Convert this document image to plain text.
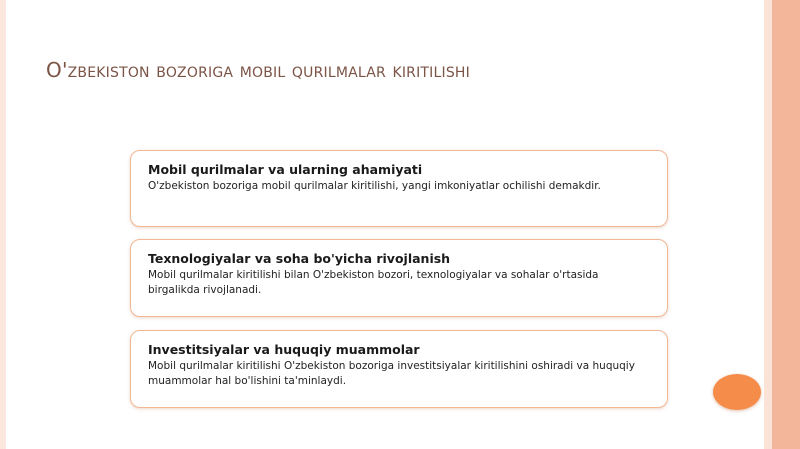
O'zbekiston bozoriga mobil qurilmalar kiritilishi

Mobil qurilmalar va ularning ahamiyati

O'zbekiston bozoriga mobil qurilmalar kiritilishi, yangi imkoniyatlar ochilishi demakdir.

Texnologiyalar va soha bo'yicha rivojlanish

Mobil qurilmalar kiritilishi bilan O'zbekiston bozori, texnologiyalar va sohalar o'rtasida birgalikda rivojlanadi.

Investitsiyalar va huquqiy muammolar

Mobil qurilmalar kiritilishi O'zbekiston bozoriga investitsiyalar kiritilishini oshiradi va huquqiy muammolar hal bo'lishini ta'minlaydi.
